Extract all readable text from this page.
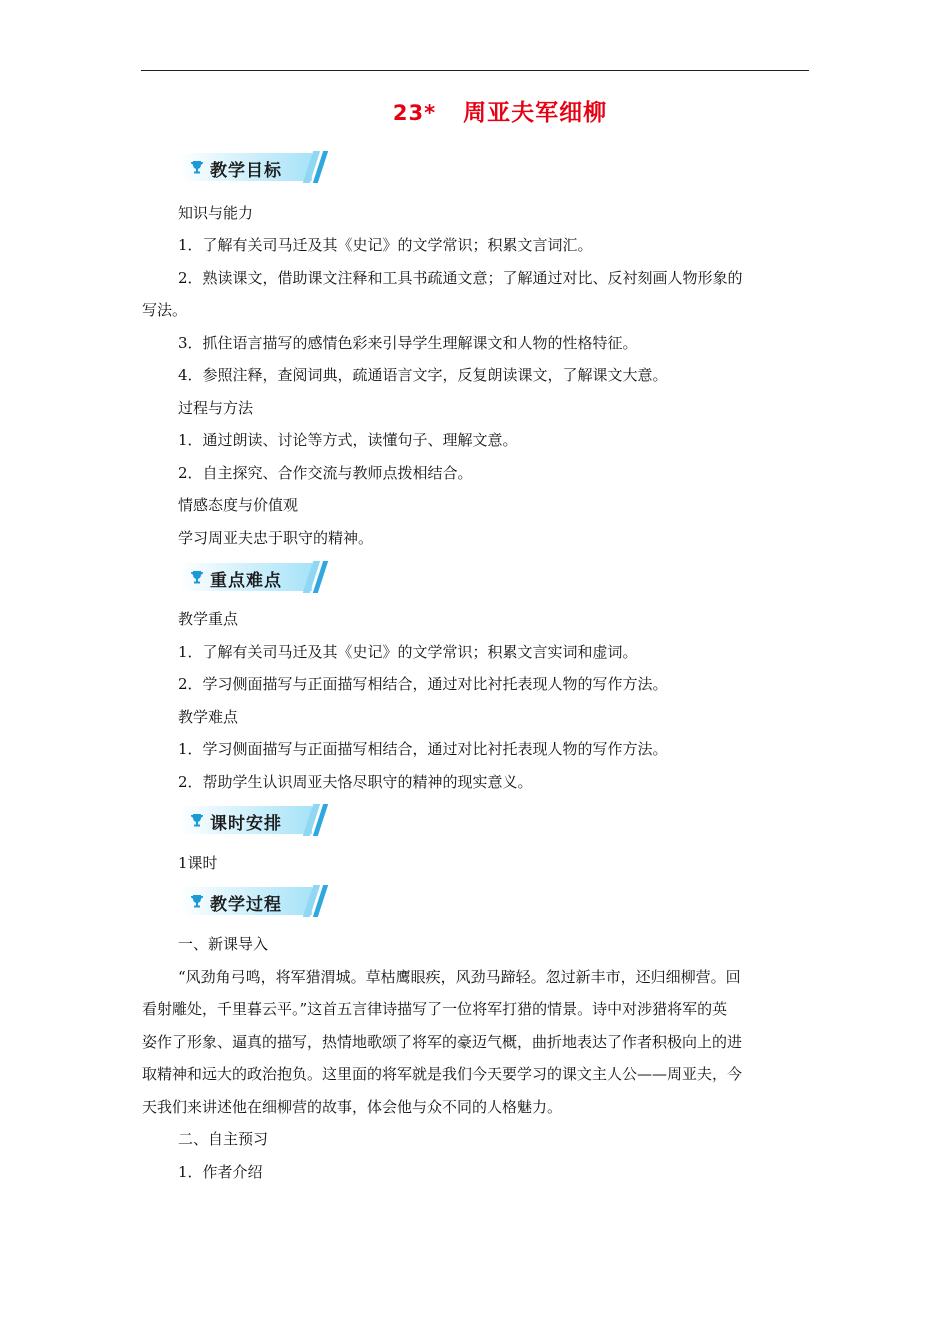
23* 周亚夫军细柳
教学目标

知识与能力

1．了解有关司马迁及其《史记》的文学常识；积累文言词汇。

2．熟读课文，借助课文注释和工具书疏通文意；了解通过对比、反衬刻画人物形象的

写法。

3．抓住语言描写的感情色彩来引导学生理解课文和人物的性格特征。

4．参照注释，查阅词典，疏通语言文字，反复朗读课文，了解课文大意。

过程与方法

1．通过朗读、讨论等方式，读懂句子、理解文意。

2．自主探究、合作交流与教师点拨相结合。

情感态度与价值观

学习周亚夫忠于职守的精神。

重点难点

教学重点

1．了解有关司马迁及其《史记》的文学常识；积累文言实词和虚词。

2．学习侧面描写与正面描写相结合，通过对比衬托表现人物的写作方法。

教学难点

1．学习侧面描写与正面描写相结合，通过对比衬托表现人物的写作方法。

2．帮助学生认识周亚夫恪尽职守的精神的现实意义。

课时安排

1课时

教学过程

一、新课导入

“风劲角弓鸣，将军猎渭城。草枯鹰眼疾，风劲马蹄轻。忽过新丰市，还归细柳营。回

看射雕处，千里暮云平。”这首五言律诗描写了一位将军打猎的情景。诗中对涉猎将军的英

姿作了形象、逼真的描写，热情地歌颂了将军的豪迈气概，曲折地表达了作者积极向上的进

取精神和远大的政治抱负。这里面的将军就是我们今天要学习的课文主人公——周亚夫，今

天我们来讲述他在细柳营的故事，体会他与众不同的人格魅力。

二、自主预习

1．作者介绍
